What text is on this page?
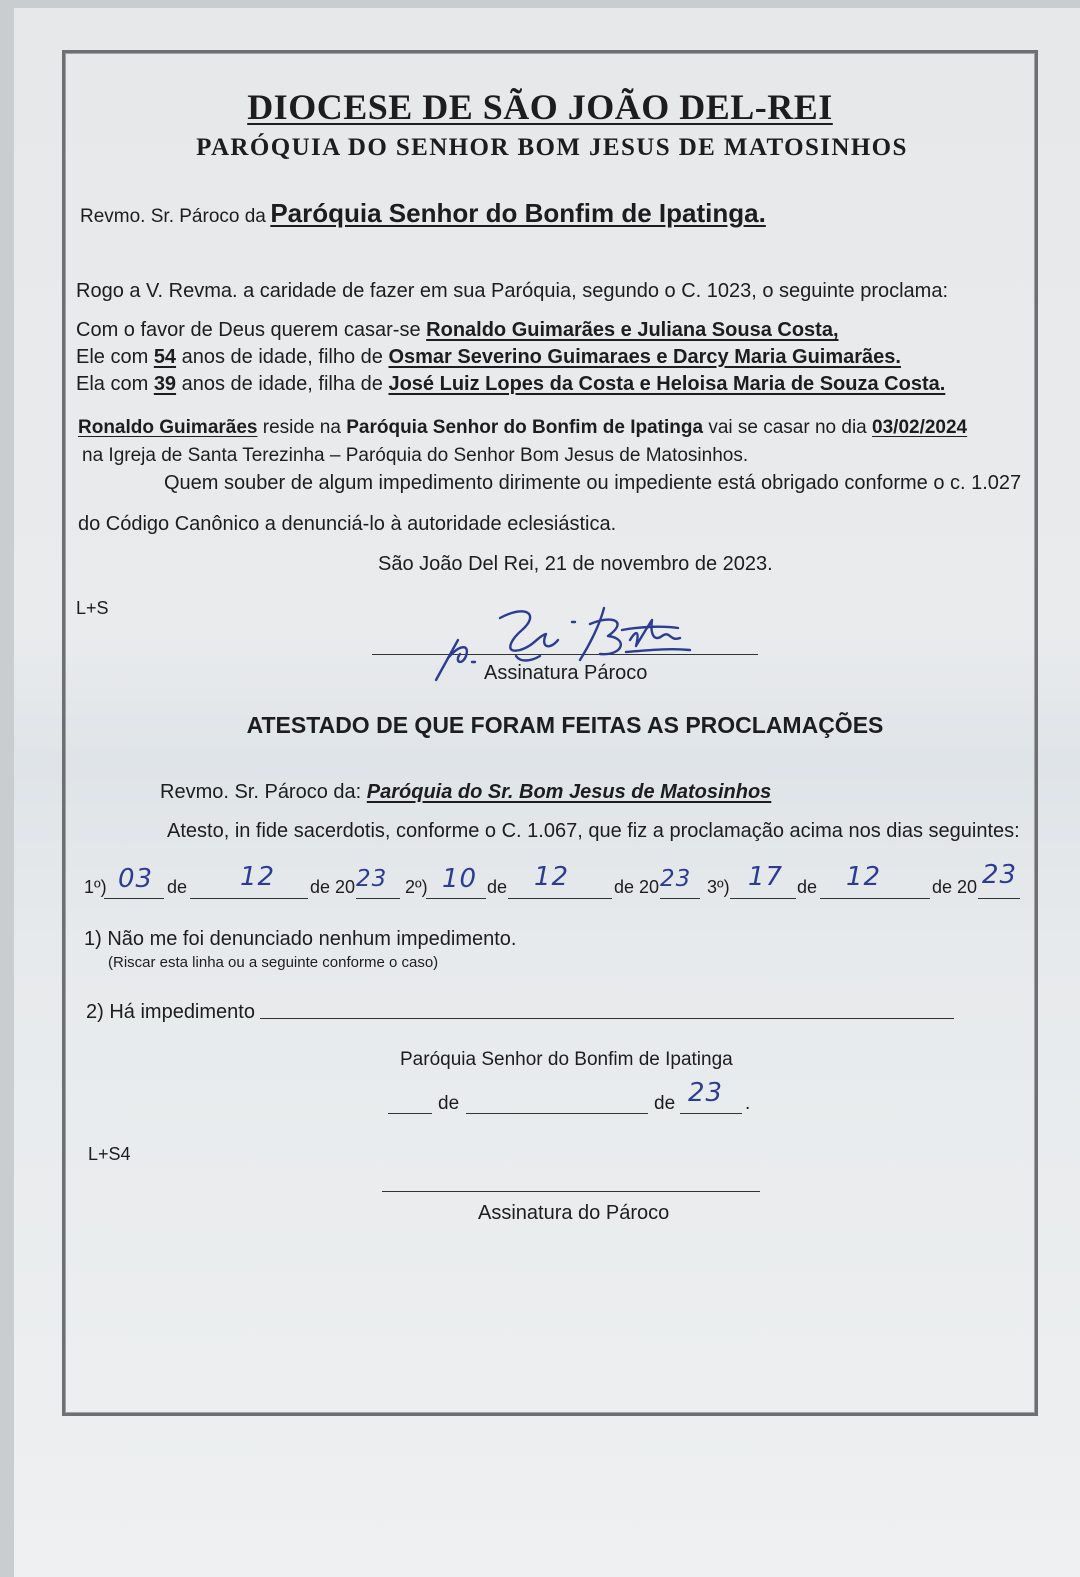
DIOCESE DE SÃO JOÃO DEL-REI
PARÓQUIA DO SENHOR BOM JESUS DE MATOSINHOS
Revmo. Sr. Pároco da Paróquia Senhor do Bonfim de Ipatinga.
Rogo a V. Revma. a caridade de fazer em sua Paróquia, segundo o C. 1023, o seguinte proclama:
Com o favor de Deus querem casar-se Ronaldo Guimarães e Juliana Sousa Costa,
Ele com 54 anos de idade, filho de Osmar Severino Guimaraes e Darcy Maria Guimarães.
Ela com 39 anos de idade, filha de José Luiz Lopes da Costa e Heloisa Maria de Souza Costa.
Ronaldo Guimarães reside na Paróquia Senhor do Bonfim de Ipatinga vai se casar no dia 03/02/2024
na Igreja de Santa Terezinha – Paróquia do Senhor Bom Jesus de Matosinhos.
Quem souber de algum impedimento dirimente ou impediente está obrigado conforme o c. 1.027
do Código Canônico a denunciá-lo à autoridade eclesiástica.
São João Del Rei, 21 de novembro de 2023.
L+S
Assinatura Pároco
ATESTADO DE QUE FORAM FEITAS AS PROCLAMAÇÕES
Revmo. Sr. Pároco da: Paróquia do Sr. Bom Jesus de Matosinhos
Atesto, in fide sacerdotis, conforme o C. 1.067, que fiz a proclamação acima nos dias seguintes:
1º) 03 de 12 de 20 23 2º) 10 de 12 de 20 23 3º) 17 de 12	de 20 23
1) Não me foi denunciado nenhum impedimento.
(Riscar esta linha ou a seguinte conforme o caso)
2) Há impedimento
Paróquia Senhor do Bonfim de Ipatinga
de	de 23 .
L+S4
Assinatura do Pároco
